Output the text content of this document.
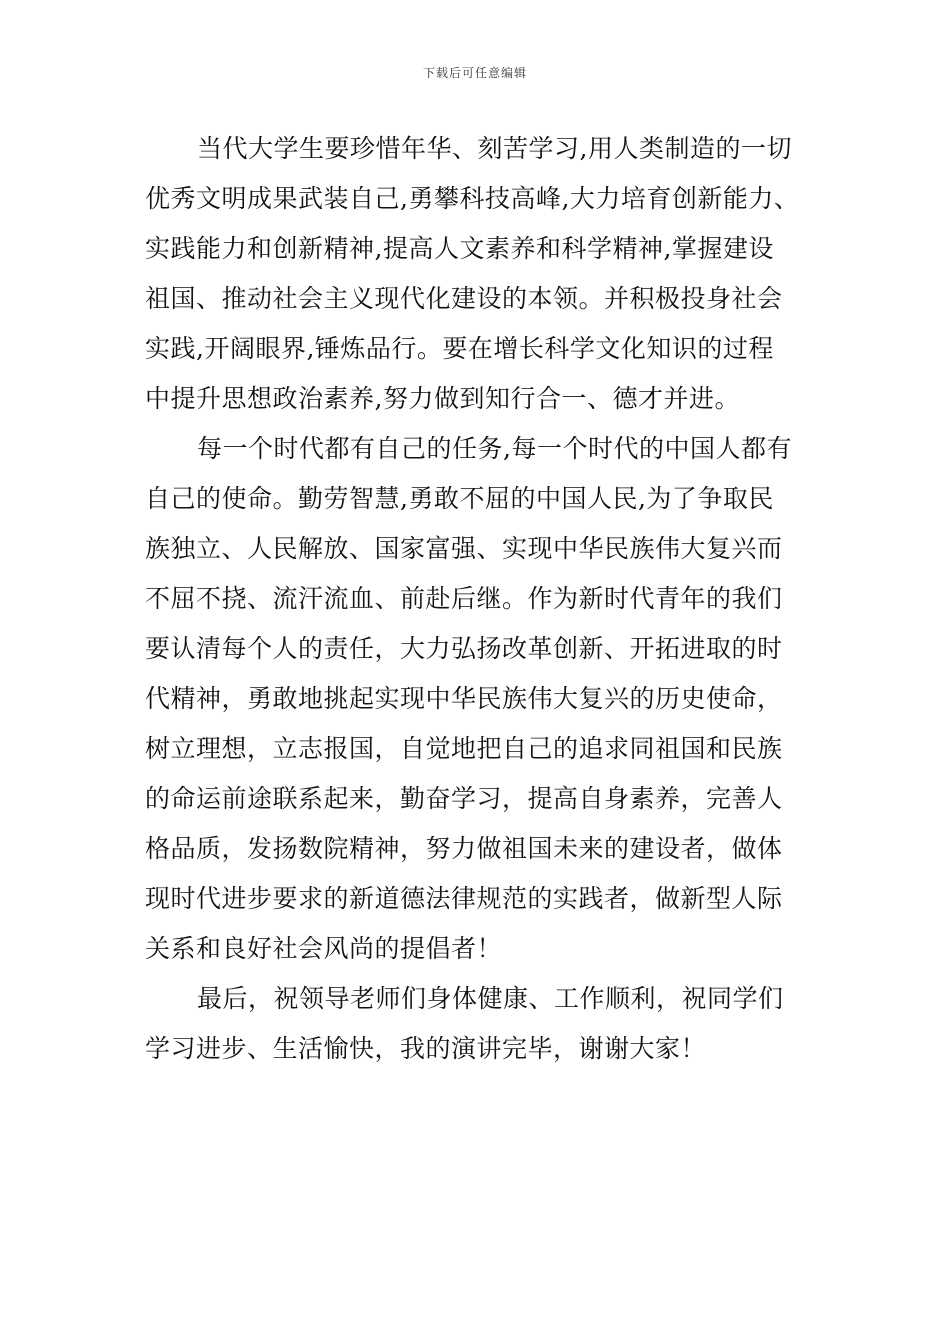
下载后可任意编辑
当代大学生要珍惜年华、刻苦学习,用人类制造的一切
优秀文明成果武装自己,勇攀科技高峰,大力培育创新能力、
实践能力和创新精神,提高人文素养和科学精神,掌握建设
祖国、推动社会主义现代化建设的本领。并积极投身社会
实践,开阔眼界,锤炼品行。要在增长科学文化知识的过程
中提升思想政治素养,努力做到知行合一、德才并进。
每一个时代都有自己的任务,每一个时代的中国人都有
自己的使命。勤劳智慧,勇敢不屈的中国人民,为了争取民
族独立、人民解放、国家富强、实现中华民族伟大复兴而
不屈不挠、流汗流血、前赴后继。作为新时代青年的我们
要认清每个人的责任，大力弘扬改革创新、开拓进取的时
代精神，勇敢地挑起实现中华民族伟大复兴的历史使命，
树立理想，立志报国，自觉地把自己的追求同祖国和民族
的命运前途联系起来，勤奋学习，提高自身素养，完善人
格品质，发扬数院精神，努力做祖国未来的建设者，做体
现时代进步要求的新道德法律规范的实践者，做新型人际
关系和良好社会风尚的提倡者！
最后，祝领导老师们身体健康、工作顺利，祝同学们
学习进步、生活愉快，我的演讲完毕，谢谢大家！
